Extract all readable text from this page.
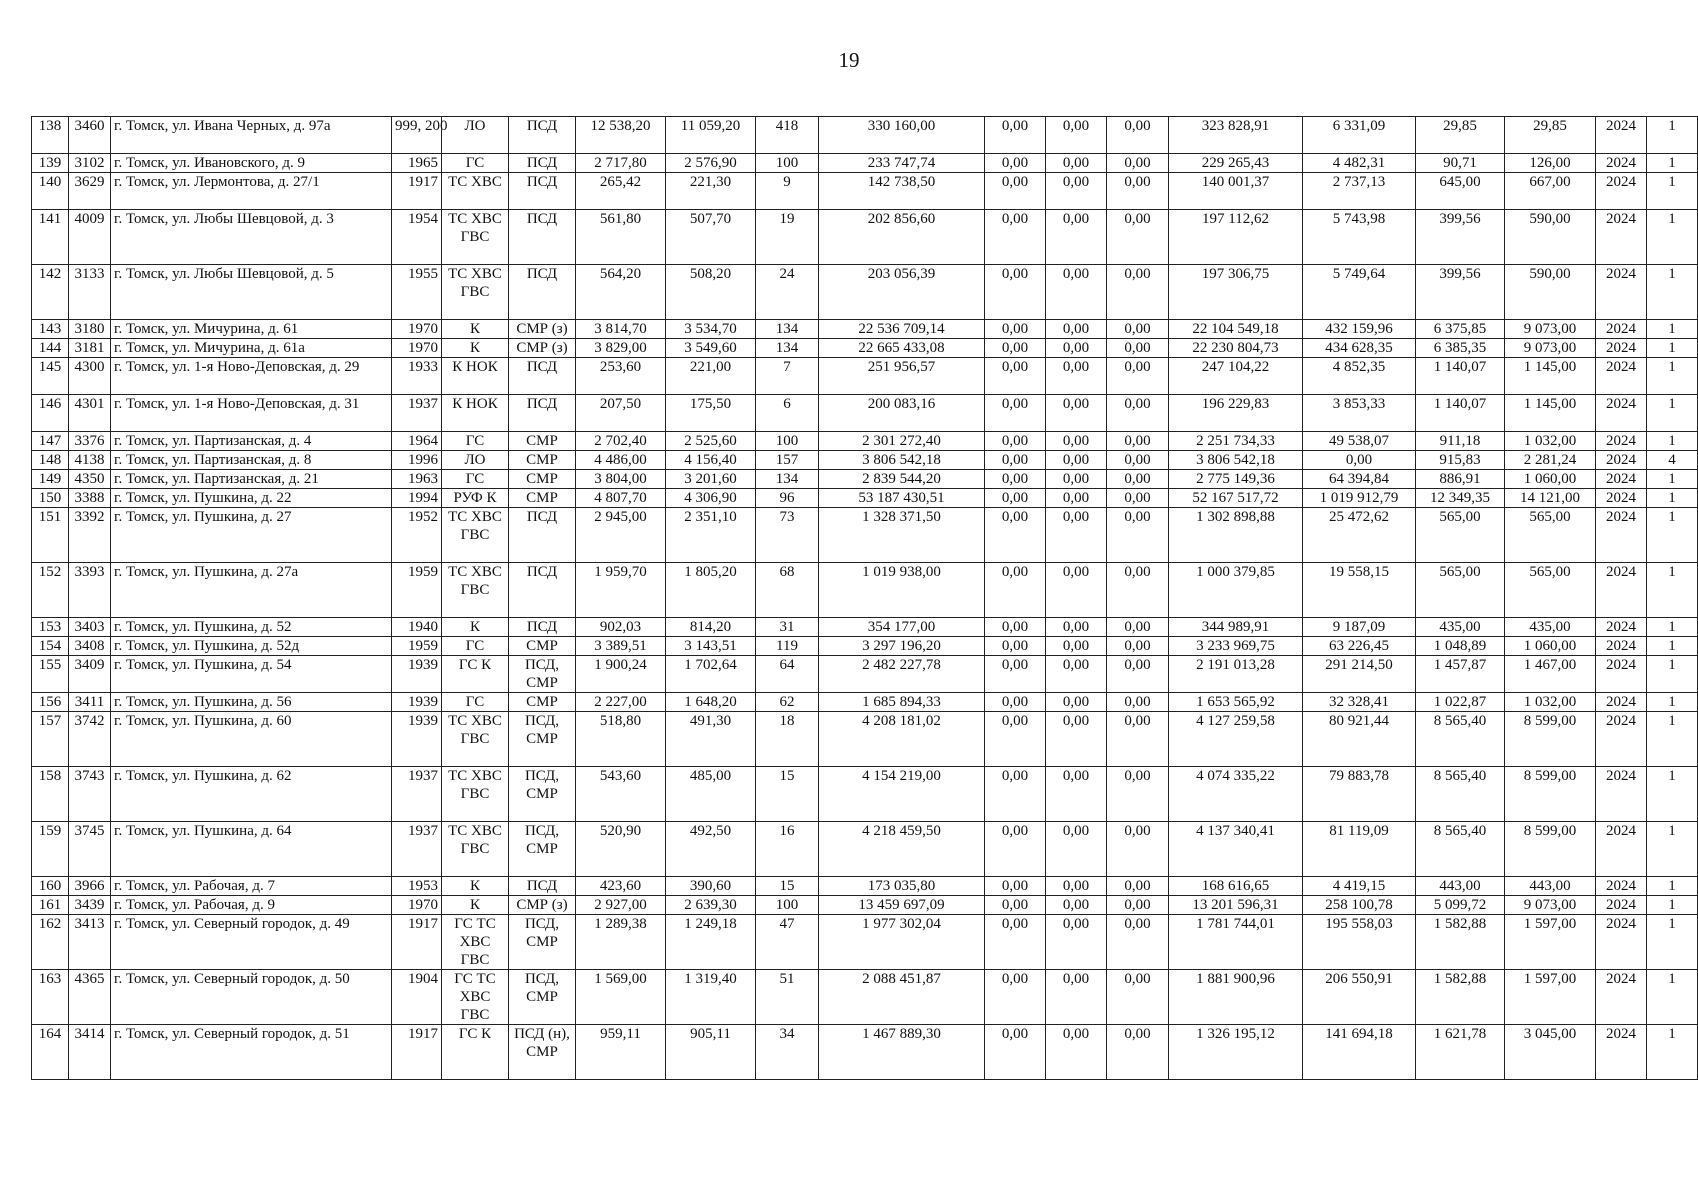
19
138	3460	г. Томск, ул. Ивана Черных, д. 97а	999, 200	ЛО	ПСД	12 538,20	11 059,20	418	330 160,00	0,00	0,00	0,00	323 828,91	6 331,09	29,85	29,85	2024	1
139	3102	г. Томск, ул. Ивановского, д. 9	1965	ГС	ПСД	2 717,80	2 576,90	100	233 747,74	0,00	0,00	0,00	229 265,43	4 482,31	90,71	126,00	2024	1
140	3629	г. Томск, ул. Лермонтова, д. 27/1	1917	ТС ХВС	ПСД	265,42	221,30	9	142 738,50	0,00	0,00	0,00	140 001,37	2 737,13	645,00	667,00	2024	1
141	4009	г. Томск, ул. Любы Шевцовой, д. 3	1954	ТС ХВС ГВС	ПСД	561,80	507,70	19	202 856,60	0,00	0,00	0,00	197 112,62	5 743,98	399,56	590,00	2024	1
142	3133	г. Томск, ул. Любы Шевцовой, д. 5	1955	ТС ХВС ГВС	ПСД	564,20	508,20	24	203 056,39	0,00	0,00	0,00	197 306,75	5 749,64	399,56	590,00	2024	1
143	3180	г. Томск, ул. Мичурина, д. 61	1970	К	СМР (з)	3 814,70	3 534,70	134	22 536 709,14	0,00	0,00	0,00	22 104 549,18	432 159,96	6 375,85	9 073,00	2024	1
144	3181	г. Томск, ул. Мичурина, д. 61а	1970	К	СМР (з)	3 829,00	3 549,60	134	22 665 433,08	0,00	0,00	0,00	22 230 804,73	434 628,35	6 385,35	9 073,00	2024	1
145	4300	г. Томск, ул. 1-я Ново-Деповская, д. 29	1933	К НОК	ПСД	253,60	221,00	7	251 956,57	0,00	0,00	0,00	247 104,22	4 852,35	1 140,07	1 145,00	2024	1
146	4301	г. Томск, ул. 1-я Ново-Деповская, д. 31	1937	К НОК	ПСД	207,50	175,50	6	200 083,16	0,00	0,00	0,00	196 229,83	3 853,33	1 140,07	1 145,00	2024	1
147	3376	г. Томск, ул. Партизанская, д. 4	1964	ГС	СМР	2 702,40	2 525,60	100	2 301 272,40	0,00	0,00	0,00	2 251 734,33	49 538,07	911,18	1 032,00	2024	1
148	4138	г. Томск, ул. Партизанская, д. 8	1996	ЛО	СМР	4 486,00	4 156,40	157	3 806 542,18	0,00	0,00	0,00	3 806 542,18	0,00	915,83	2 281,24	2024	4
149	4350	г. Томск, ул. Партизанская, д. 21	1963	ГС	СМР	3 804,00	3 201,60	134	2 839 544,20	0,00	0,00	0,00	2 775 149,36	64 394,84	886,91	1 060,00	2024	1
150	3388	г. Томск, ул. Пушкина, д. 22	1994	РУФ К	СМР	4 807,70	4 306,90	96	53 187 430,51	0,00	0,00	0,00	52 167 517,72	1 019 912,79	12 349,35	14 121,00	2024	1
151	3392	г. Томск, ул. Пушкина, д. 27	1952	ТС ХВС ГВС	ПСД	2 945,00	2 351,10	73	1 328 371,50	0,00	0,00	0,00	1 302 898,88	25 472,62	565,00	565,00	2024	1
152	3393	г. Томск, ул. Пушкина, д. 27а	1959	ТС ХВС ГВС	ПСД	1 959,70	1 805,20	68	1 019 938,00	0,00	0,00	0,00	1 000 379,85	19 558,15	565,00	565,00	2024	1
153	3403	г. Томск, ул. Пушкина, д. 52	1940	К	ПСД	902,03	814,20	31	354 177,00	0,00	0,00	0,00	344 989,91	9 187,09	435,00	435,00	2024	1
154	3408	г. Томск, ул. Пушкина, д. 52д	1959	ГС	СМР	3 389,51	3 143,51	119	3 297 196,20	0,00	0,00	0,00	3 233 969,75	63 226,45	1 048,89	1 060,00	2024	1
155	3409	г. Томск, ул. Пушкина, д. 54	1939	ГС К	ПСД, СМР	1 900,24	1 702,64	64	2 482 227,78	0,00	0,00	0,00	2 191 013,28	291 214,50	1 457,87	1 467,00	2024	1
156	3411	г. Томск, ул. Пушкина, д. 56	1939	ГС	СМР	2 227,00	1 648,20	62	1 685 894,33	0,00	0,00	0,00	1 653 565,92	32 328,41	1 022,87	1 032,00	2024	1
157	3742	г. Томск, ул. Пушкина, д. 60	1939	ТС ХВС ГВС	ПСД, СМР	518,80	491,30	18	4 208 181,02	0,00	0,00	0,00	4 127 259,58	80 921,44	8 565,40	8 599,00	2024	1
158	3743	г. Томск, ул. Пушкина, д. 62	1937	ТС ХВС ГВС	ПСД, СМР	543,60	485,00	15	4 154 219,00	0,00	0,00	0,00	4 074 335,22	79 883,78	8 565,40	8 599,00	2024	1
159	3745	г. Томск, ул. Пушкина, д. 64	1937	ТС ХВС ГВС	ПСД, СМР	520,90	492,50	16	4 218 459,50	0,00	0,00	0,00	4 137 340,41	81 119,09	8 565,40	8 599,00	2024	1
160	3966	г. Томск, ул. Рабочая, д. 7	1953	К	ПСД	423,60	390,60	15	173 035,80	0,00	0,00	0,00	168 616,65	4 419,15	443,00	443,00	2024	1
161	3439	г. Томск, ул. Рабочая, д. 9	1970	К	СМР (з)	2 927,00	2 639,30	100	13 459 697,09	0,00	0,00	0,00	13 201 596,31	258 100,78	5 099,72	9 073,00	2024	1
162	3413	г. Томск, ул. Северный городок, д. 49	1917	ГС ТС ХВС ГВС	ПСД, СМР	1 289,38	1 249,18	47	1 977 302,04	0,00	0,00	0,00	1 781 744,01	195 558,03	1 582,88	1 597,00	2024	1
163	4365	г. Томск, ул. Северный городок, д. 50	1904	ГС ТС ХВС ГВС	ПСД, СМР	1 569,00	1 319,40	51	2 088 451,87	0,00	0,00	0,00	1 881 900,96	206 550,91	1 582,88	1 597,00	2024	1
164	3414	г. Томск, ул. Северный городок, д. 51	1917	ГС К	ПСД (н), СМР	959,11	905,11	34	1 467 889,30	0,00	0,00	0,00	1 326 195,12	141 694,18	1 621,78	3 045,00	2024	1
